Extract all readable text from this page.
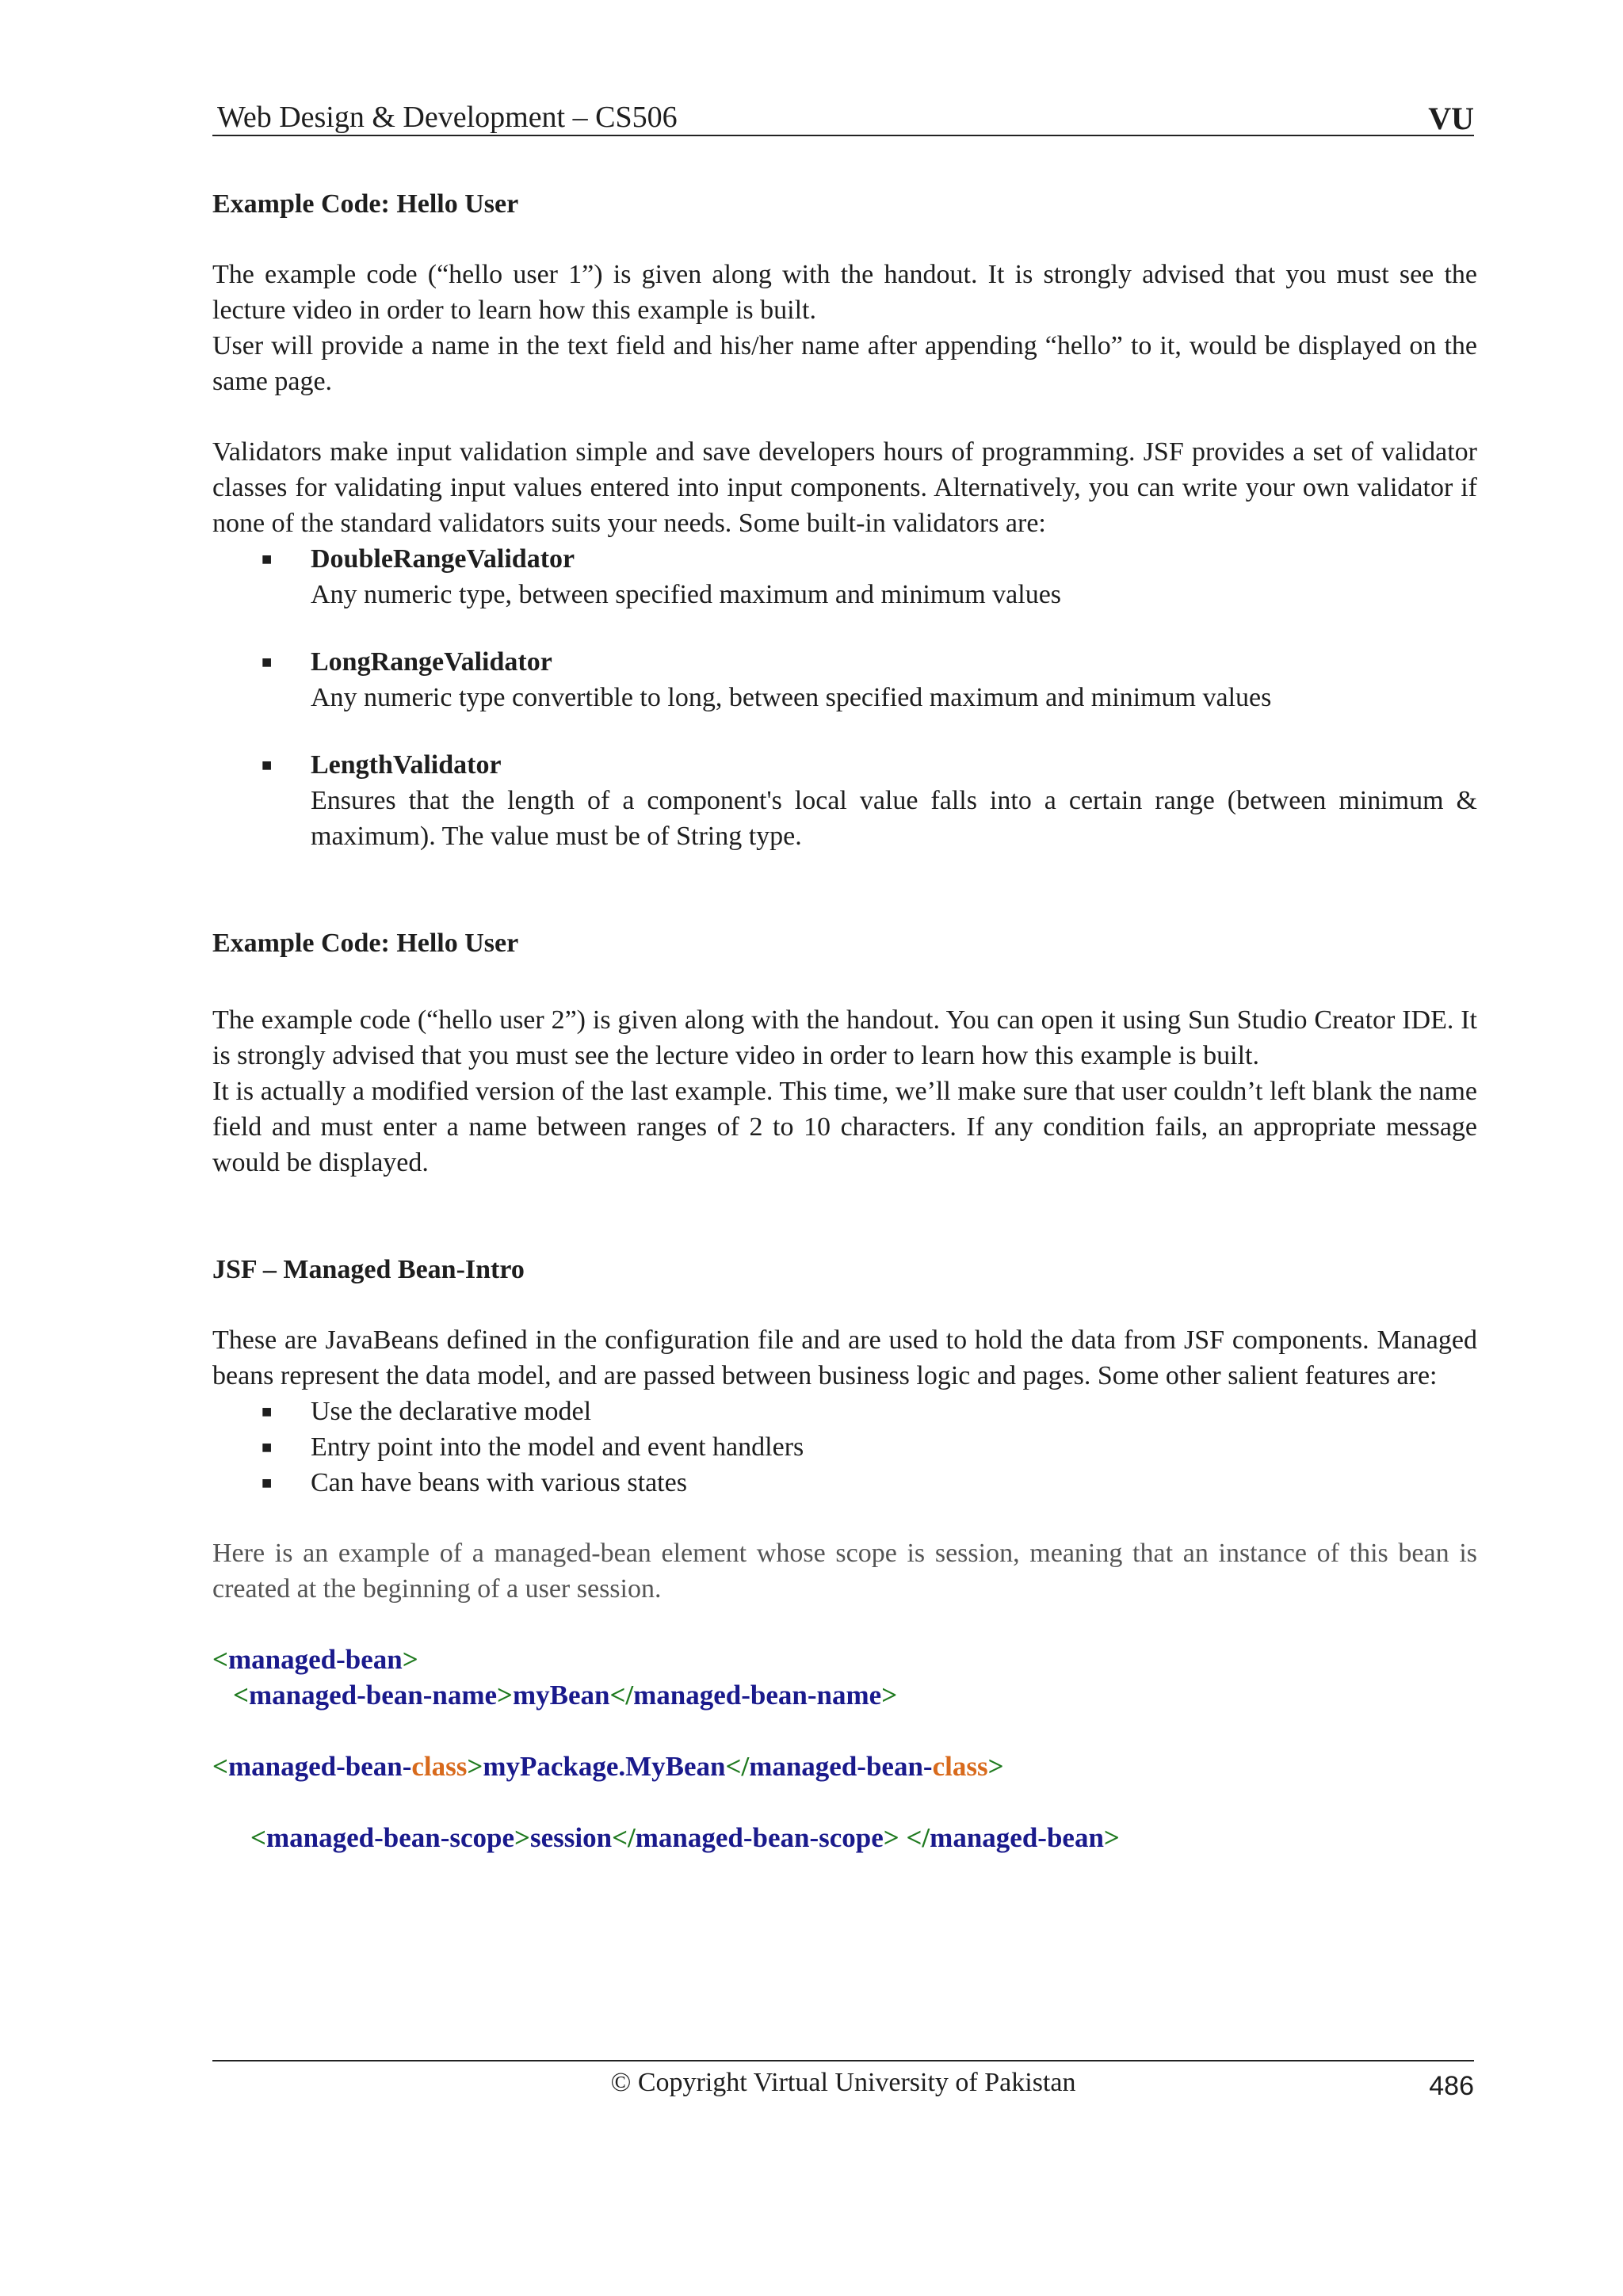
Web Design & Development – CS506	VU

Example Code: Hello User

The example code (“hello user 1”) is given along with the handout. It is strongly advised that you must see the lecture video in order to learn how this example is built.

User will provide a name in the text field and his/her name after appending “hello” to it, would be displayed on the same page.

Validators make input validation simple and save developers hours of programming. JSF provides a set of validator classes for validating input values entered into input components. Alternatively, you can write your own validator if none of the standard validators suits your needs. Some built-in validators are:

■ DoubleRangeValidator
Any numeric type, between specified maximum and minimum values
■ LongRangeValidator
Any numeric type convertible to long, between specified maximum and minimum values
■ LengthValidator
Ensures that the length of a component's local value falls into a certain range (between minimum & maximum). The value must be of String type.

Example Code: Hello User

The example code (“hello user 2”) is given along with the handout. You can open it using Sun Studio Creator IDE. It is strongly advised that you must see the lecture video in order to learn how this example is built.

It is actually a modified version of the last example. This time, we’ll make sure that user couldn’t left blank the name field and must enter a name between ranges of 2 to 10 characters. If any condition fails, an appropriate message would be displayed.

JSF – Managed Bean-Intro

These are JavaBeans defined in the configuration file and are used to hold the data from JSF components. Managed beans represent the data model, and are passed between business logic and pages. Some other salient features are:

■ Use the declarative model
■ Entry point into the model and event handlers
■ Can have beans with various states

Here is an example of a managed-bean element whose scope is session, meaning that an instance of this bean is created at the beginning of a user session.

<managed-bean>
<managed-bean-name>myBean</managed-bean-name>
<managed-bean-class>myPackage.MyBean</managed-bean-class>
<managed-bean-scope>session</managed-bean-scope> </managed-bean>
© Copyright Virtual University of Pakistan	486
